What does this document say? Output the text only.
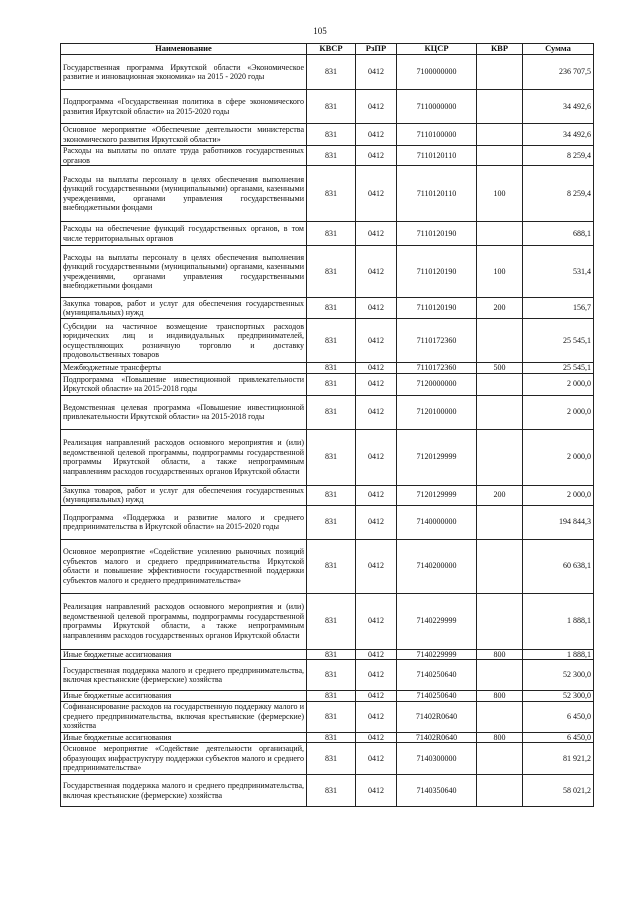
105
Наименование	КВСР	РзПР	КЦСР	КВР	Сумма
Государственная программа Иркутской области «Экономическое развитие и инновационная экономика» на 2015 - 2020 годы	831	0412	7100000000		236 707,5
Подпрограмма «Государственная политика в сфере экономического развития Иркутской области» на 2015-2020 годы	831	0412	7110000000		34 492,6
Основное мероприятие «Обеспечение деятельности министерства экономического развития Иркутской области»	831	0412	7110100000		34 492,6
Расходы на выплаты по оплате труда работников государственных органов	831	0412	7110120110		8 259,4
Расходы на выплаты персоналу в целях обеспечения выполнения функций государственными (муниципальными) органами, казенными учреждениями, органами управления государственными внебюджетными фондами	831	0412	7110120110	100	8 259,4
Расходы на обеспечение функций государственных органов, в том числе территориальных органов	831	0412	7110120190		688,1
Расходы на выплаты персоналу в целях обеспечения выполнения функций государственными (муниципальными) органами, казенными учреждениями, органами управления государственными внебюджетными фондами	831	0412	7110120190	100	531,4
Закупка товаров, работ и услуг для обеспечения государственных (муниципальных) нужд	831	0412	7110120190	200	156,7
Субсидии на частичное возмещение транспортных расходов юридических лиц и индивидуальных предпринимателей, осуществляющих розничную торговлю и доставку продовольственных товаров	831	0412	7110172360		25 545,1
Межбюджетные трансферты	831	0412	7110172360	500	25 545,1
Подпрограмма «Повышение инвестиционной привлекательности Иркутской области» на 2015-2018 годы	831	0412	7120000000		2 000,0
Ведомственная целевая программа «Повышение инвестиционной привлекательности Иркутской области» на 2015-2018 годы	831	0412	7120100000		2 000,0
Реализация направлений расходов основного мероприятия и (или) ведомственной целевой программы, подпрограммы государственной программы Иркутской области, а также непрограммным направлениям расходов государственных органов Иркутской области	831	0412	7120129999		2 000,0
Закупка товаров, работ и услуг для обеспечения государственных (муниципальных) нужд	831	0412	7120129999	200	2 000,0
Подпрограмма «Поддержка и развитие малого и среднего предпринимательства в Иркутской области» на 2015-2020 годы	831	0412	7140000000		194 844,3
Основное мероприятие «Содействие усилению рыночных позиций субъектов малого и среднего предпринимательства Иркутской области и повышение эффективности государственной поддержки субъектов малого и среднего предпринимательства»	831	0412	7140200000		60 638,1
Реализация направлений расходов основного мероприятия и (или) ведомственной целевой программы, подпрограммы государственной программы Иркутской области, а также непрограммным направлениям расходов государственных органов Иркутской области	831	0412	7140229999		1 888,1
Иные бюджетные ассигнования	831	0412	7140229999	800	1 888,1
Государственная поддержка малого и среднего предпринимательства, включая крестьянские (фермерские) хозяйства	831	0412	7140250640		52 300,0
Иные бюджетные ассигнования	831	0412	7140250640	800	52 300,0
Софинансирование расходов на государственную поддержку малого и среднего предпринимательства, включая крестьянские (фермерские) хозяйства	831	0412	71402R0640		6 450,0
Иные бюджетные ассигнования	831	0412	71402R0640	800	6 450,0
Основное мероприятие «Содействие деятельности организаций, образующих инфраструктуру поддержки субъектов малого и среднего предпринимательства»	831	0412	7140300000		81 921,2
Государственная поддержка малого и среднего предпринимательства, включая крестьянские (фермерские) хозяйства	831	0412	7140350640		58 021,2
